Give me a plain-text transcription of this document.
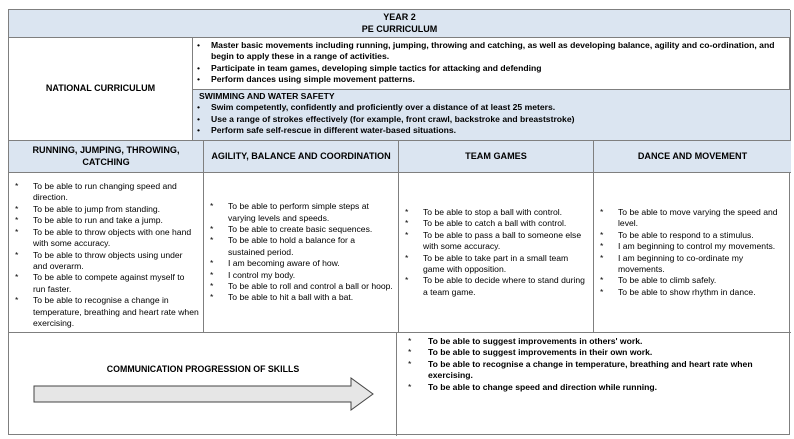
YEAR 2
PE CURRICULUM
NATIONAL CURRICULUM
• Master basic movements including running, jumping, throwing and catching, as well as developing balance, agility and co-ordination, and begin to apply these in a range of activities.
• Participate in team games, developing simple tactics for attacking and defending
• Perform dances using simple movement patterns.
SWIMMING AND WATER SAFETY
• Swim competently, confidently and proficiently over a distance of at least 25 meters.
• Use a range of strokes effectively (for example, front crawl, backstroke and breaststroke)
• Perform safe self-rescue in different water-based situations.
RUNNING, JUMPING, THROWING, CATCHING
AGILITY, BALANCE AND COORDINATION	TEAM GAMES	DANCE AND MOVEMENT
* To be able to run changing speed and direction.
* To be able to jump from standing.
* To be able to run and take a jump.
* To be able to throw objects with one hand with some accuracy.
* To be able to throw objects using under and overarm.
* To be able to compete against myself to run faster.
* To be able to recognise a change in temperature, breathing and heart rate when exercising.
* To be able to perform simple steps at varying levels and speeds.
* To be able to create basic sequences.
* To be able to hold a balance for a sustained period.
* I am becoming aware of how.
* I control my body.
* To be able to roll and control a ball or hoop.
* To be able to hit a ball with a bat.
* To be able to stop a ball with control.
* To be able to catch a ball with control.
* To be able to pass a ball to someone else with some accuracy.
* To be able to take part in a small team game with opposition.
* To be able to decide where to stand during a team game.
* To be able to move varying the speed and level.
* To be able to respond to a stimulus.
* I am beginning to control my movements.
* I am beginning to co-ordinate my movements.
* To be able to climb safely.
* To be able to show rhythm in dance.
COMMUNICATION PROGRESSION OF SKILLS
* To be able to suggest improvements in others' work.
* To be able to suggest improvements in their own work.
* To be able to recognise a change in temperature, breathing and heart rate when exercising.
* To be able to change speed and direction while running.
